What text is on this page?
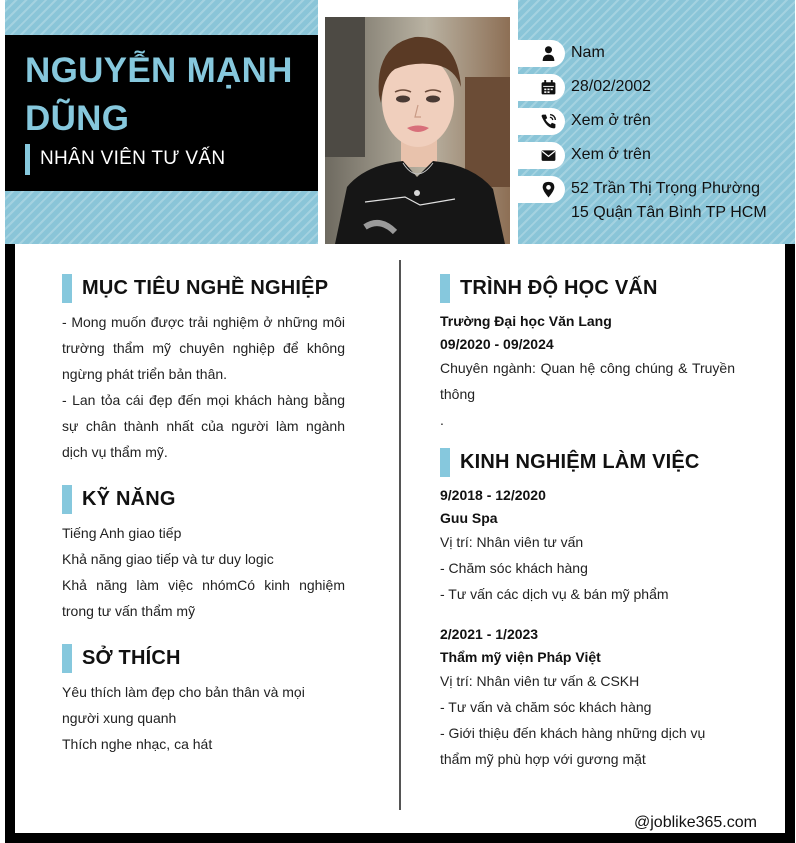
NGUYỄN MẠNH
DŨNG
NHÂN VIÊN TƯ VẤN
Nam
28/02/2002
Xem ở trên
Xem ở trên
52 Trần Thị Trọng Phường
15 Quận Tân Bình TP HCM
MỤC TIÊU NGHỀ NGHIỆP
- Mong muốn được trải nghiệm ở những môi trường thẩm mỹ chuyên nghiệp để không ngừng phát triển bản thân.
- Lan tỏa cái đẹp đến mọi khách hàng bằng sự chân thành nhất của người làm ngành dịch vụ thẩm mỹ.
KỸ NĂNG
Tiếng Anh giao tiếp
Khả năng giao tiếp và tư duy logic
Khả năng làm việc nhómCó kinh nghiệm trong tư vấn thẩm mỹ
SỞ THÍCH
Yêu thích làm đẹp cho bản thân và mọi người xung quanh
Thích nghe nhạc, ca hát
TRÌNH ĐỘ HỌC VẤN
Trường Đại học Văn Lang
09/2020 - 09/2024
Chuyên ngành: Quan hệ công chúng & Truyền thông
.
KINH NGHIỆM LÀM VIỆC
9/2018 - 12/2020
Guu Spa
Vị trí: Nhân viên tư vấn
- Chăm sóc khách hàng
- Tư vấn các dịch vụ & bán mỹ phẩm
2/2021 - 1/2023
Thẩm mỹ viện Pháp Việt
Vị trí: Nhân viên tư vấn & CSKH
- Tư vấn và chăm sóc khách hàng
- Giới thiệu đến khách hàng những dịch vụ thẩm mỹ phù hợp với gương mặt
@joblike365.com
